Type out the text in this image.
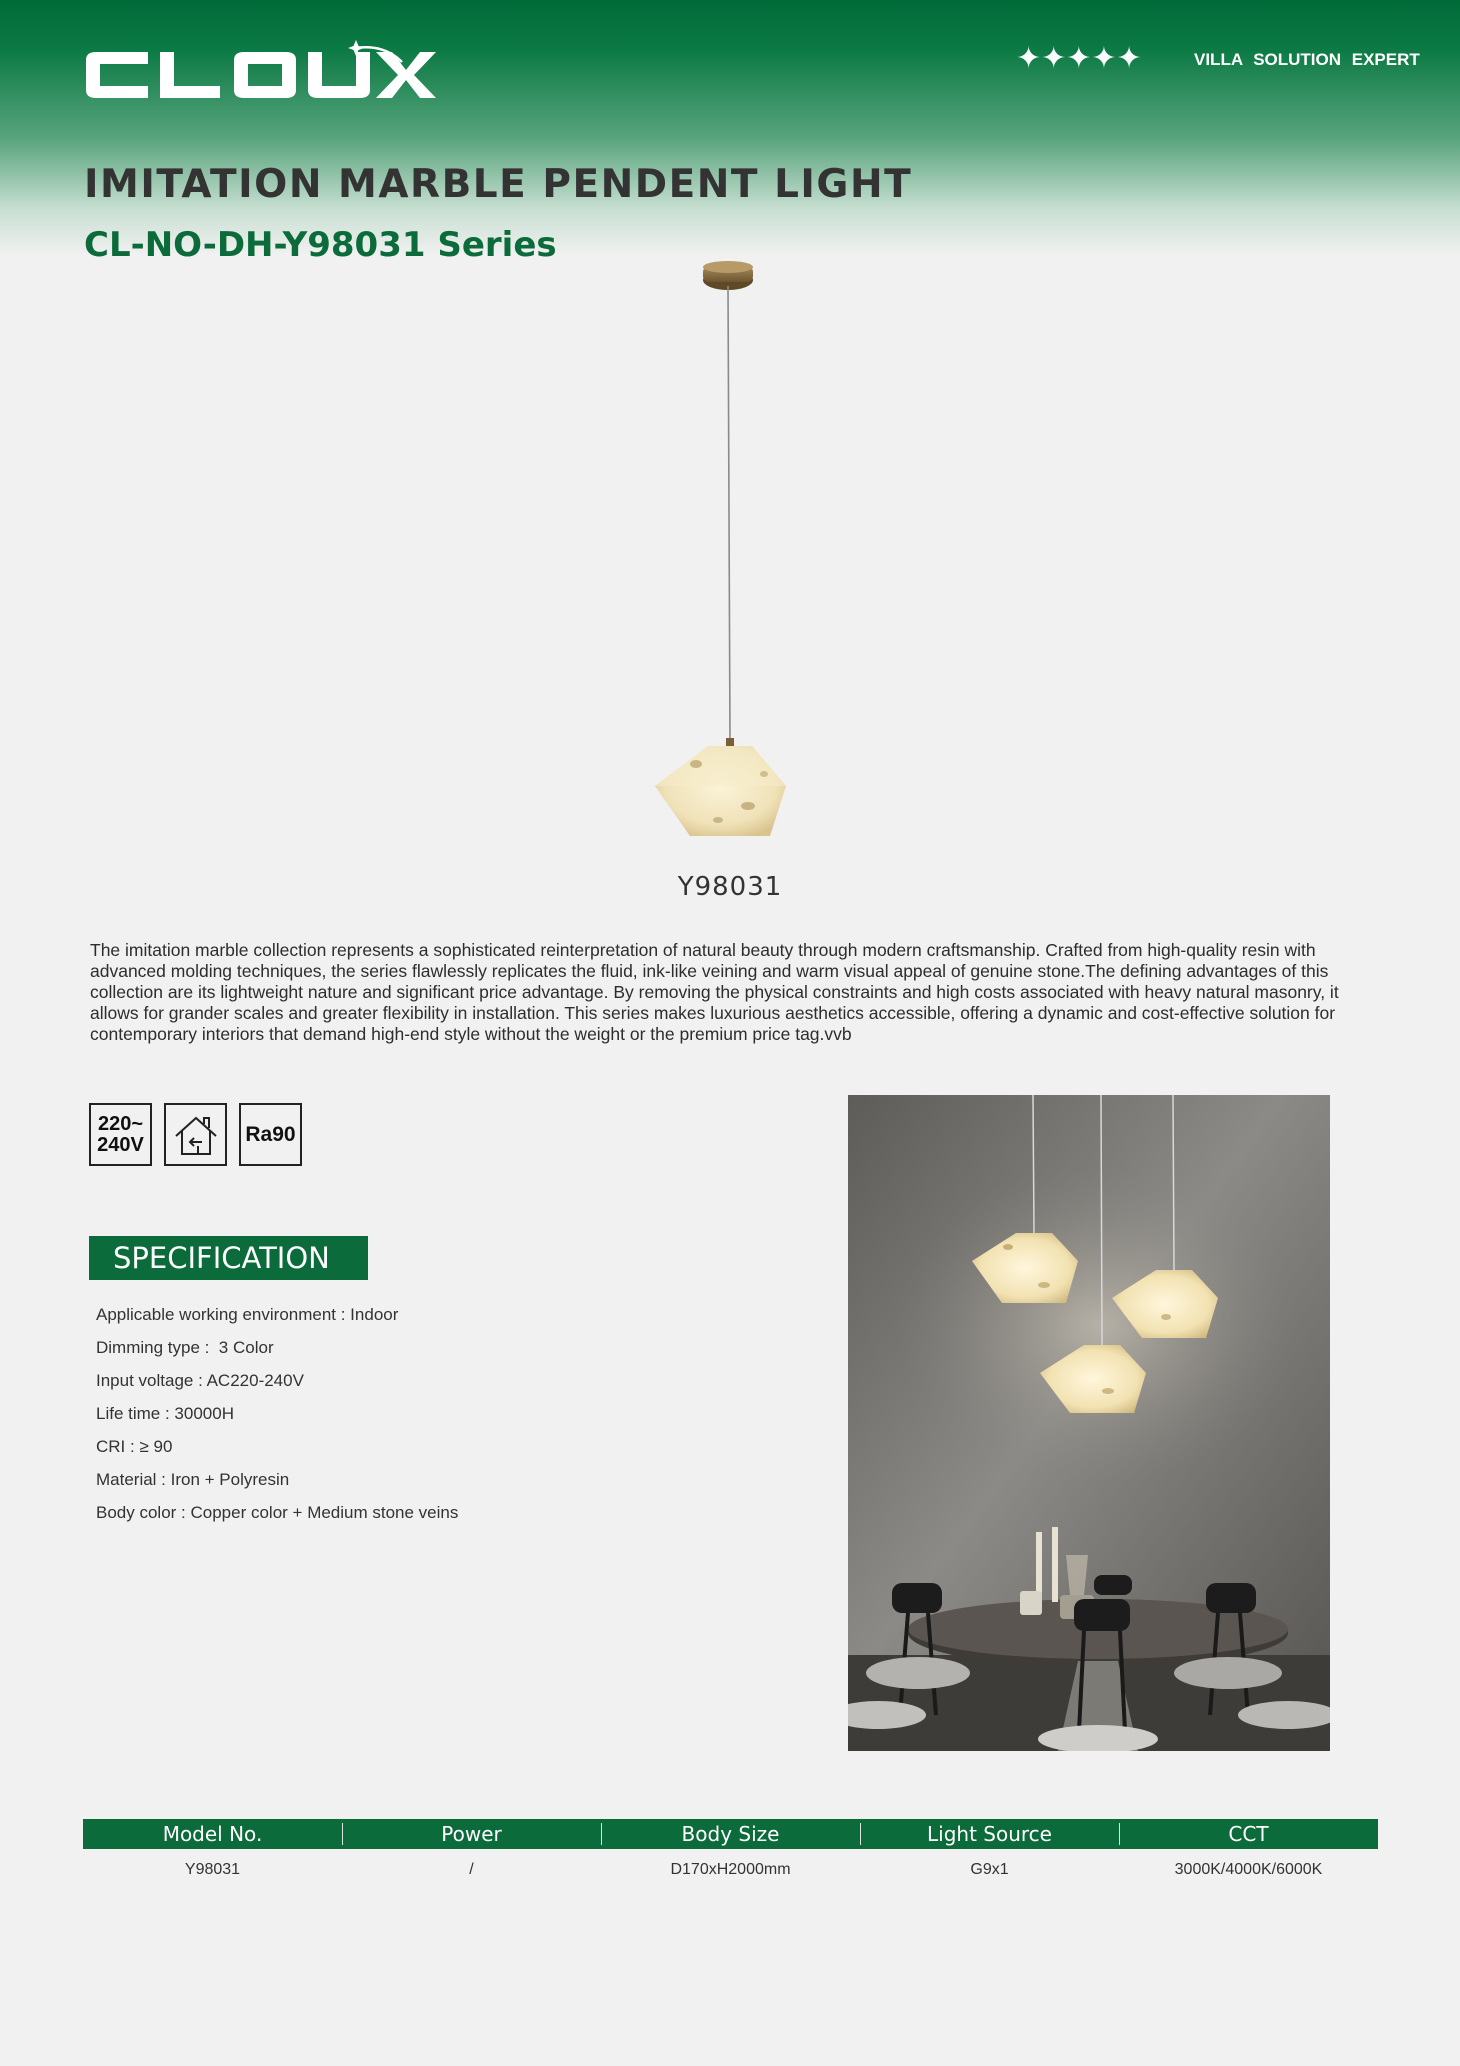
✦✦✦✦✦	VILLA SOLUTION EXPERT
IMITATION MARBLE PENDENT LIGHT
CL-NO-DH-Y98031 Series
Y98031

The imitation marble collection represents a sophisticated reinterpretation of natural beauty through modern craftsmanship. Crafted from high-quality resin with advanced molding techniques, the series flawlessly replicates the fluid, ink-like veining and warm visual appeal of genuine stone.The defining advantages of this collection are its lightweight nature and significant price advantage. By removing the physical constraints and high costs associated with heavy natural masonry, it allows for grander scales and greater flexibility in installation. This series makes luxurious aesthetics accessible, offering a dynamic and cost-effective solution for contemporary interiors that demand high-end style without the weight or the premium price tag.vvb

220~
240V	Ra90
SPECIFICATION
Applicable working environment : Indoor
Dimming type :  3 Color
Input voltage : AC220-240V
Life time : 30000H
CRI : ≥ 90
Material : Iron + Polyresin
Body color : Copper color + Medium stone veins
Model No.	Power	Body Size	Light Source	CCT
Y98031	/	D170xH2000mm	G9x1	3000K/4000K/6000K
